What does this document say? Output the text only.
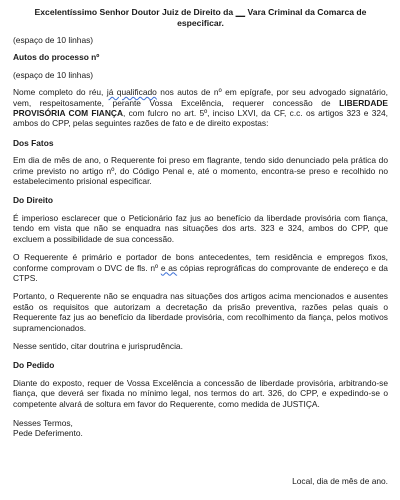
Excelentíssimo Senhor Doutor Juiz de Direito da __ Vara Criminal da Comarca de especificar.

(espaço de 10 linhas)

Autos do processo nº

(espaço de 10 linhas)

Nome completo do réu, já qualificado nos autos de nº em epígrafe, por seu advogado signatário, vem, respeitosamente, perante Vossa Excelência, requerer concessão de LIBERDADE PROVISÓRIA COM FIANÇA, com fulcro no art. 5º, inciso LXVI, da CF, c.c. os artigos 323 e 324, ambos do CPP, pelas seguintes razões de fato e de direito expostas:

Dos Fatos

Em dia de mês de ano, o Requerente foi preso em flagrante, tendo sido denunciado pela prática do crime previsto no artigo nº, do Código Penal e, até o momento, encontra-se preso e recolhido no estabelecimento prisional especificar.

Do Direito

É imperioso esclarecer que o Peticionário faz jus ao benefício da liberdade provisória com fiança, tendo em vista que não se enquadra nas situações dos arts. 323 e 324, ambos do CPP, que excluem a possibilidade de sua concessão.

O Requerente é primário e portador de bons antecedentes, tem residência e empregos fixos, conforme comprovam o DVC de fls. nº e as cópias reprográficas do comprovante de endereço e da CTPS.

Portanto, o Requerente não se enquadra nas situações dos artigos acima mencionados e ausentes estão os requisitos que autorizam a decretação da prisão preventiva, razões pelas quais o Requerente faz jus ao benefício da liberdade provisória, com recolhimento da fiança, pelos motivos supramencionados.

Nesse sentido, citar doutrina e jurisprudência.

Do Pedido

Diante do exposto, requer de Vossa Excelência a concessão de liberdade provisória, arbitrando-se fiança, que deverá ser fixada no mínimo legal, nos termos do art. 326, do CPP, e expedindo-se o competente alvará de soltura em favor do Requerente, como medida de JUSTIÇA.

Nesses Termos,

Pede Deferimento.

Local, dia de mês de ano.
